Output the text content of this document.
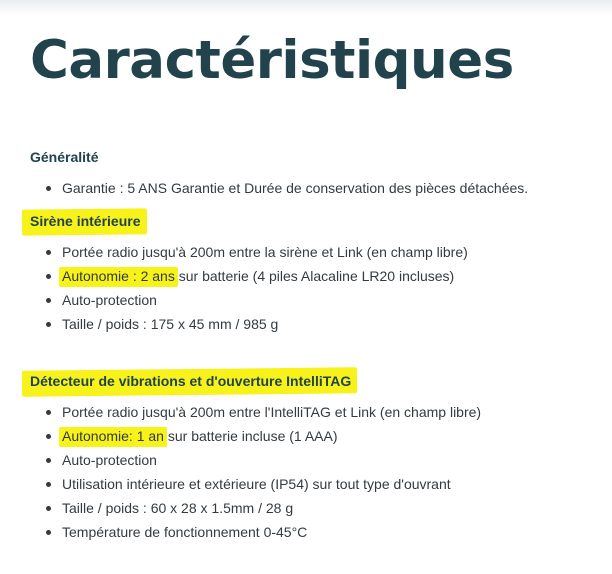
Caractéristiques
Généralité
Garantie : 5 ANS Garantie et Durée de conservation des pièces détachées.
Sirène intérieure
Portée radio jusqu'à 200m entre la sirène et Link (en champ libre)
Autonomie : 2 ans sur batterie (4 piles Alacaline LR20 incluses)
Auto-protection
Taille / poids : 175 x 45 mm / 985 g
Détecteur de vibrations et d'ouverture IntelliTAG
Portée radio jusqu'à 200m entre l'IntelliTAG et Link (en champ libre)
Autonomie: 1 an sur batterie incluse (1 AAA)
Auto-protection
Utilisation intérieure et extérieure (IP54) sur tout type d'ouvrant
Taille / poids : 60 x 28 x 1.5mm / 28 g
Température de fonctionnement 0-45°C
